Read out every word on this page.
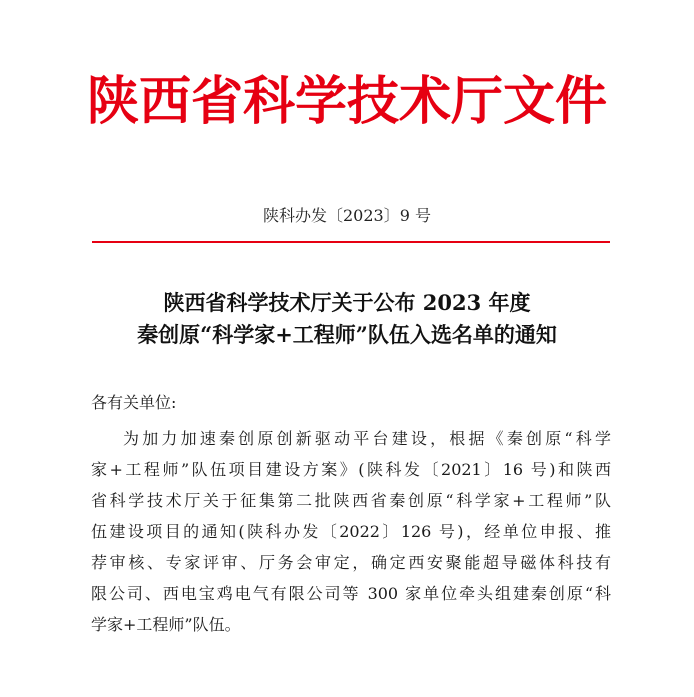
陕西省科学技术厅文件
陕科办发〔2023〕9 号
陕西省科学技术厅关于公布 2023 年度
秦创原“科学家+工程师”队伍入选名单的通知
各有关单位:
为加力加速秦创原创新驱动平台建设，根据《秦创原“科学
家+工程师”队伍项目建设方案》(陕科发〔2021〕16 号)和陕西
省科学技术厅关于征集第二批陕西省秦创原“科学家+工程师”队
伍建设项目的通知(陕科办发〔2022〕126 号)，经单位申报、推
荐审核、专家评审、厅务会审定，确定西安聚能超导磁体科技有
限公司、西电宝鸡电气有限公司等 300 家单位牵头组建秦创原“科
学家+工程师”队伍。
